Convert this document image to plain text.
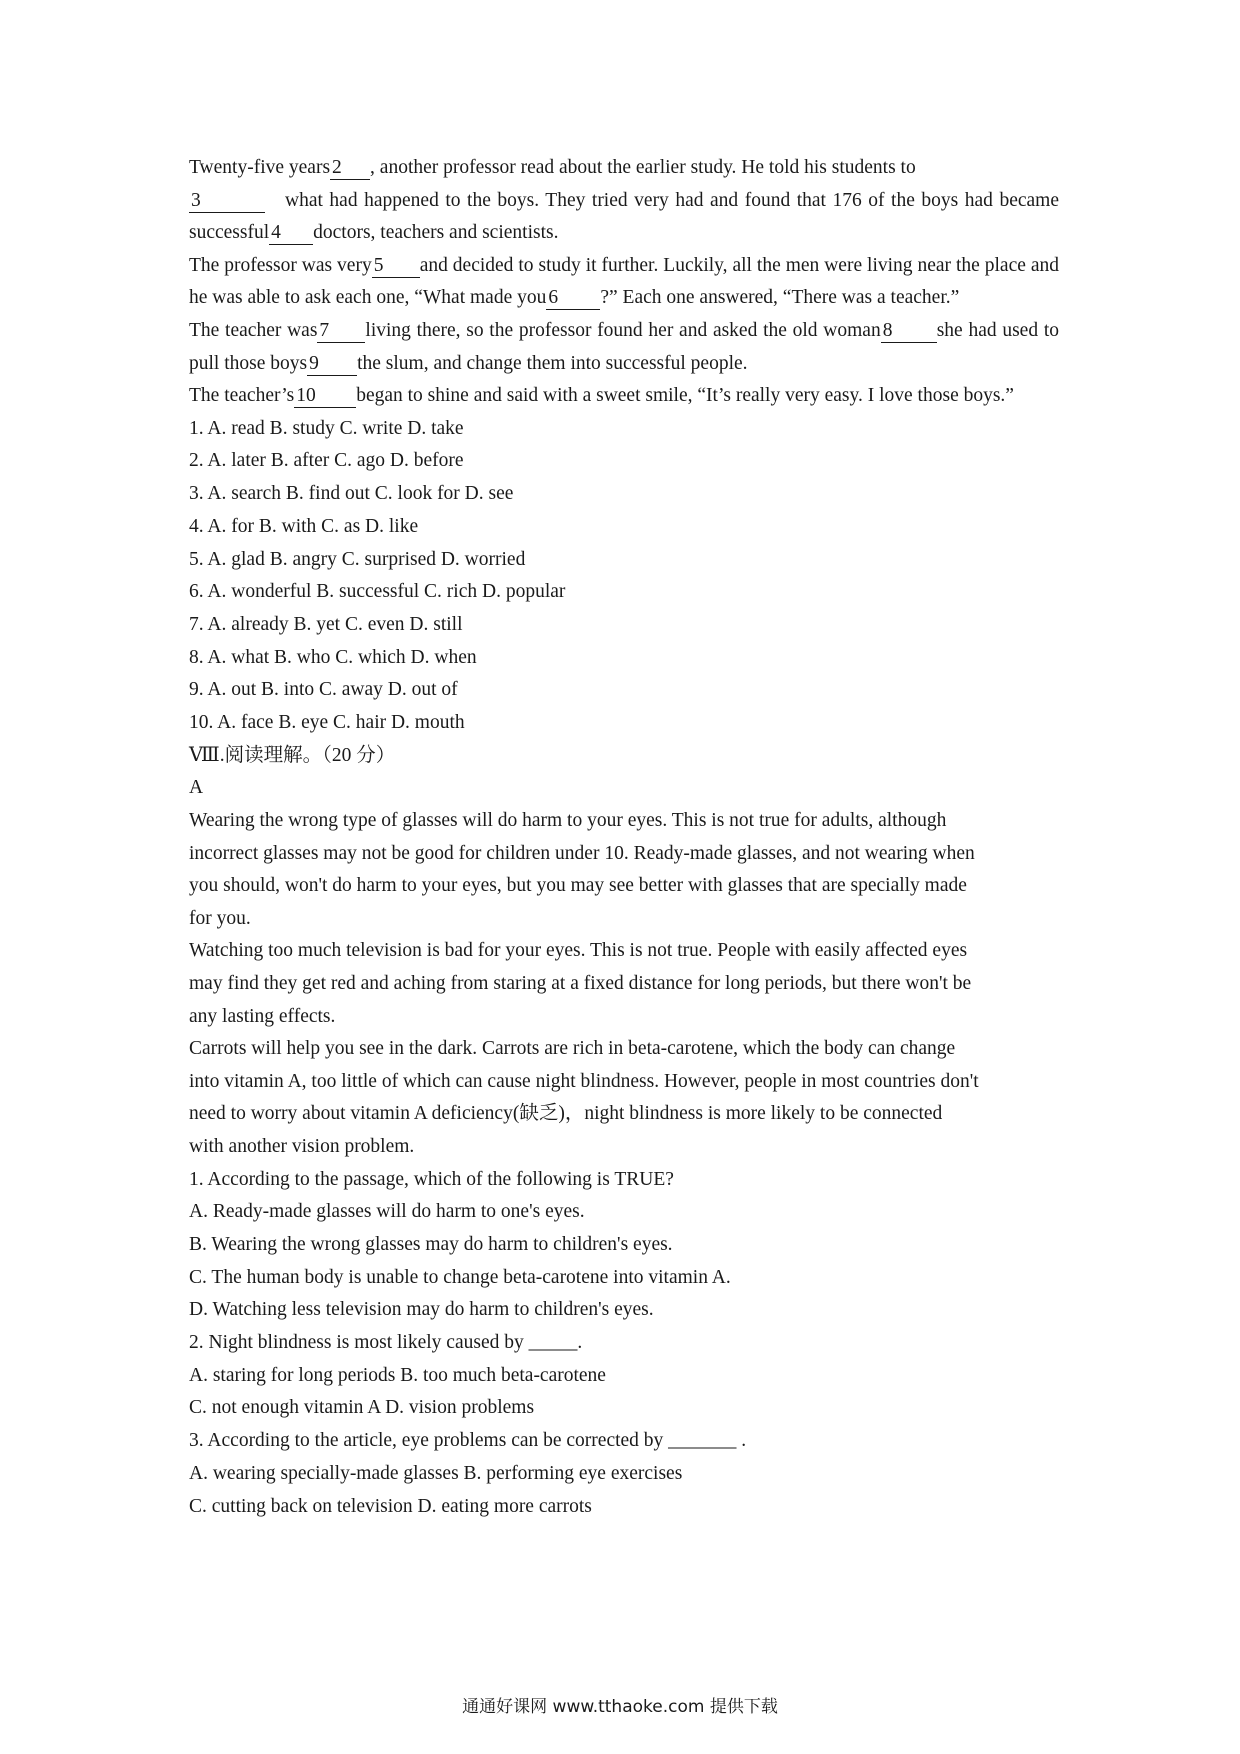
Twenty-five years 2 , another professor read about the earlier study. He told his students to
3	what had happened to the boys. They tried very had and found that 176 of the boys had became successful 4 doctors, teachers and scientists.

The professor was very 5 and decided to study it further. Luckily, all the men were living near the place and he was able to ask each one, “What made you 6 ?” Each one answered, “There was a teacher.”

The teacher was 7 living there, so the professor found her and asked the old woman 8 she had used to pull those boys 9 the slum, and change them into successful people.

The teacher’s 10 began to shine and said with a sweet smile, “It’s really very easy. I love those boys.”

1. A. read B. study C. write D. take
2. A. later B. after C. ago D. before
3. A. search B. find out C. look for D. see
4. A. for B. with C. as D. like
5. A. glad B. angry C. surprised D. worried
6. A. wonderful B. successful C. rich D. popular
7. A. already B. yet C. even D. still
8. A. what B. who C. which D. when
9. A. out B. into C. away D. out of
10. A. face B. eye C. hair D. mouth
Ⅷ.阅读理解。（20 分）
A

Wearing the wrong type of glasses will do harm to your eyes. This is not true for adults, although incorrect glasses may not be good for children under 10. Ready-made glasses, and not wearing when you should, won't do harm to your eyes, but you may see better with glasses that are specially made for you.

Watching too much television is bad for your eyes. This is not true. People with easily affected eyes may find they get red and aching from staring at a fixed distance for long periods, but there won't be any lasting effects.

Carrots will help you see in the dark. Carrots are rich in beta-carotene, which the body can change into vitamin A, too little of which can cause night blindness. However, people in most countries don't need to worry about vitamin A deficiency(缺乏)，night blindness is more likely to be connected with another vision problem.

1. According to the passage, which of the following is TRUE?
A. Ready-made glasses will do harm to one's eyes.
B. Wearing the wrong glasses may do harm to children's eyes.
C. The human body is unable to change beta-carotene into vitamin A.
D. Watching less television may do harm to children's eyes.
2. Night blindness is most likely caused by _____.
A. staring for long periods B. too much beta-carotene
C. not enough vitamin A D. vision problems
3. According to the article, eye problems can be corrected by _______ .
A. wearing specially-made glasses B. performing eye exercises
C. cutting back on television D. eating more carrots
通通好课网 www.tthaoke.com 提供下载
